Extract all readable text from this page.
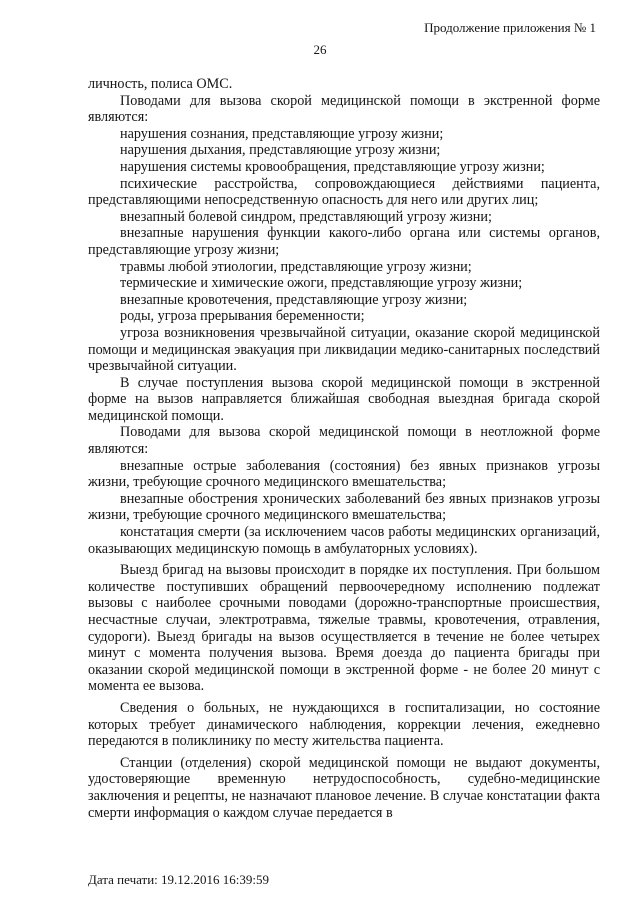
Продолжение приложения № 1
26

личность, полиса ОМС.

Поводами для вызова скорой медицинской помощи в экстренной форме являются:

нарушения сознания, представляющие угрозу жизни;

нарушения дыхания, представляющие угрозу жизни;

нарушения системы кровообращения, представляющие угрозу жизни;

психические расстройства, сопровождающиеся действиями пациента, представляющими непосредственную опасность для него или других лиц;

внезапный болевой синдром, представляющий угрозу жизни;

внезапные нарушения функции какого-либо органа или системы органов, представляющие угрозу жизни;

травмы любой этиологии, представляющие угрозу жизни;

термические и химические ожоги, представляющие угрозу жизни;

внезапные кровотечения, представляющие угрозу жизни;

роды, угроза прерывания беременности;

угроза возникновения чрезвычайной ситуации, оказание скорой медицинской помощи и медицинская эвакуация при ликвидации медико-санитарных последствий чрезвычайной ситуации.

В случае поступления вызова скорой медицинской помощи в экстренной форме на вызов направляется ближайшая свободная выездная бригада скорой медицинской помощи.

Поводами для вызова скорой медицинской помощи в неотложной форме являются:

внезапные острые заболевания (состояния) без явных признаков угрозы жизни, требующие срочного медицинского вмешательства;

внезапные обострения хронических заболеваний без явных признаков угрозы жизни, требующие срочного медицинского вмешательства;

констатация смерти (за исключением часов работы медицинских организаций, оказывающих медицинскую помощь в амбулаторных условиях).

Выезд бригад на вызовы происходит в порядке их поступления. При большом количестве поступивших обращений первоочередному исполнению подлежат вызовы с наиболее срочными поводами (дорожно-транспортные происшествия, несчастные случаи, электротравма, тяжелые травмы, кровотечения, отравления, судороги). Выезд бригады на вызов осуществляется в течение не более четырех минут с момента получения вызова. Время доезда до пациента бригады при оказании скорой медицинской помощи в экстренной форме - не более 20 минут с момента ее вызова.

Сведения о больных, не нуждающихся в госпитализации, но состояние которых требует динамического наблюдения, коррекции лечения, ежедневно передаются в поликлинику по месту жительства пациента.

Станции (отделения) скорой медицинской помощи не выдают документы, удостоверяющие временную нетрудоспособность, судебно-медицинские заключения и рецепты, не назначают плановое лечение. В случае констатации факта смерти информация о каждом случае передается в

Дата печати: 19.12.2016 16:39:59
